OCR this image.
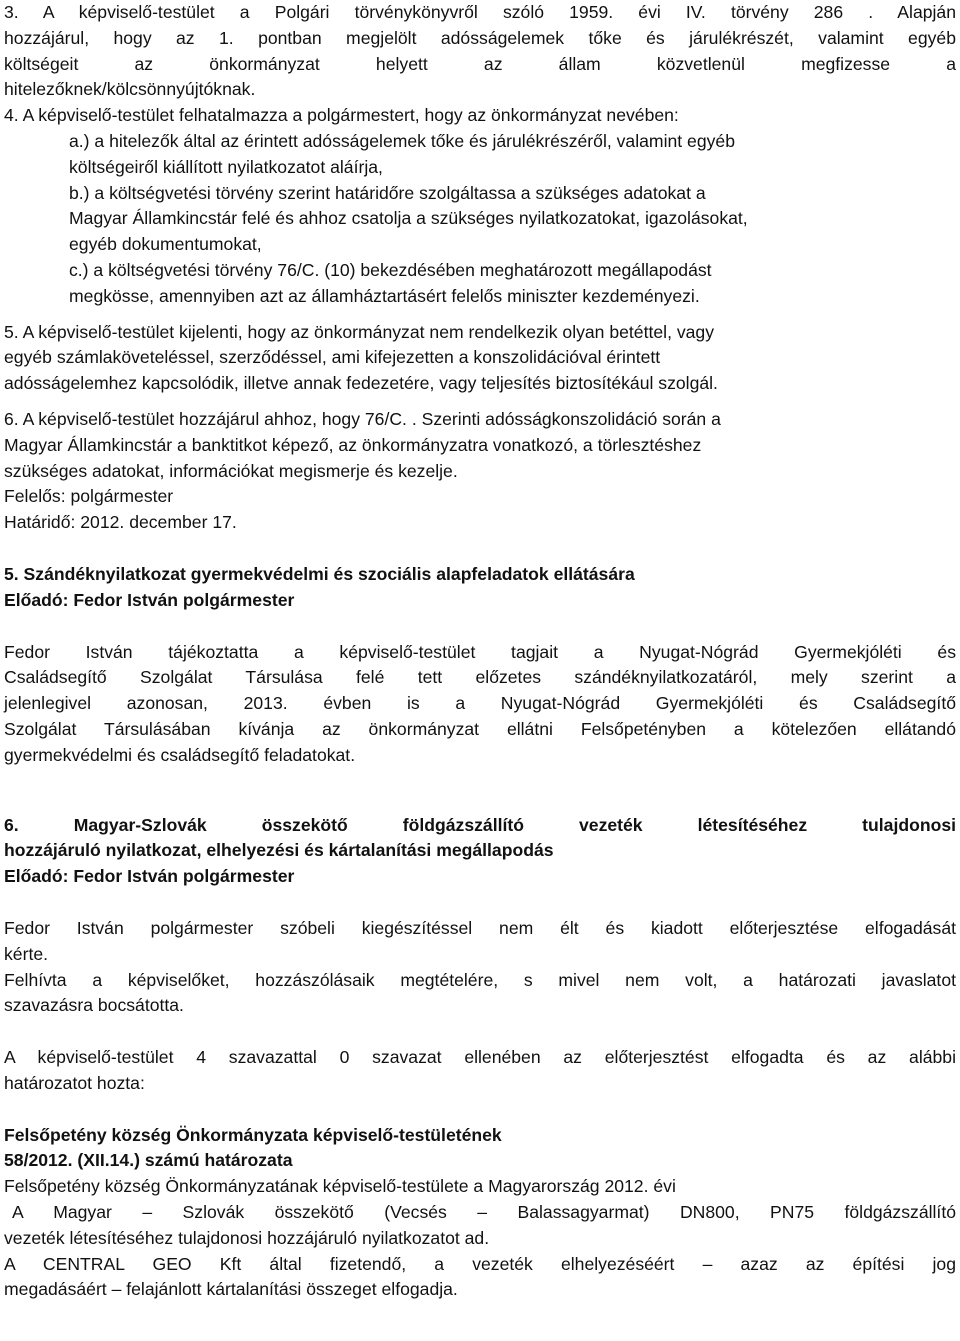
3. A képviselő-testület a Polgári törvénykönyvről szóló 1959. évi IV. törvény 286 . Alapján

hozzájárul, hogy az 1. pontban megjelölt adósságelemek tőke és járulékrészét, valamint egyéb

költségeit az önkormányzat helyett az állam közvetlenül megfizesse a

hitelezőknek/kölcsönnyújtóknak.

4. A képviselő-testület felhatalmazza a polgármestert, hogy az önkormányzat nevében:

a.) a hitelezők által az érintett adósságelemek tőke és járulékrészéről, valamint egyéb

költségeiről kiállított nyilatkozatot aláírja,

b.) a költségvetési törvény szerint határidőre szolgáltassa a szükséges adatokat a

Magyar Államkincstár felé és ahhoz csatolja a szükséges nyilatkozatokat, igazolásokat,

egyéb dokumentumokat,

c.) a költségvetési törvény 76/C. (10) bekezdésében meghatározott megállapodást

megkösse, amennyiben azt az államháztartásért felelős miniszter kezdeményezi.

5. A képviselő-testület kijelenti, hogy az önkormányzat nem rendelkezik olyan betéttel, vagy

egyéb számlaköveteléssel, szerződéssel, ami kifejezetten a konszolidációval érintett

adósságelemhez kapcsolódik, illetve annak fedezetére, vagy teljesítés biztosítékául szolgál.

6. A képviselő-testület hozzájárul ahhoz, hogy 76/C. . Szerinti adósságkonszolidáció során a

Magyar Államkincstár a banktitkot képező, az önkormányzatra vonatkozó, a törlesztéshez

szükséges adatokat, információkat megismerje és kezelje.

Felelős: polgármester

Határidő: 2012. december 17.

5. Szándéknyilatkozat gyermekvédelmi és szociális alapfeladatok ellátására

Előadó: Fedor István polgármester

Fedor István tájékoztatta a képviselő-testület tagjait a Nyugat-Nógrád Gyermekjóléti és

Családsegítő Szolgálat Társulása felé tett előzetes szándéknyilatkozatáról, mely szerint a

jelenlegivel azonosan, 2013. évben is a Nyugat-Nógrád Gyermekjóléti és Családsegítő

Szolgálat Társulásában kívánja az önkormányzat ellátni Felsőpetényben a kötelezően ellátandó

gyermekvédelmi és családsegítő feladatokat.

6. Magyar-Szlovák összekötő földgázszállító vezeték létesítéséhez tulajdonosi

hozzájáruló nyilatkozat, elhelyezési és kártalanítási megállapodás

Előadó: Fedor István polgármester

Fedor István polgármester szóbeli kiegészítéssel nem élt és kiadott előterjesztése elfogadását

kérte.

Felhívta a képviselőket, hozzászólásaik megtételére, s mivel nem volt, a határozati javaslatot

szavazásra bocsátotta.

A képviselő-testület 4 szavazattal 0 szavazat ellenében az előterjesztést elfogadta és az alábbi

határozatot hozta:

Felsőpetény község Önkormányzata képviselő-testületének

58/2012. (XII.14.) számú határozata

Felsőpetény község Önkormányzatának képviselő-testülete a Magyarország 2012. évi

A Magyar – Szlovák összekötő (Vecsés – Balassagyarmat) DN800, PN75 földgázszállító

vezeték létesítéséhez tulajdonosi hozzájáruló nyilatkozatot ad.

A CENTRAL GEO Kft által fizetendő, a vezeték elhelyezéséért – azaz az építési jog

megadásáért – felajánlott kártalanítási összeget elfogadja.
